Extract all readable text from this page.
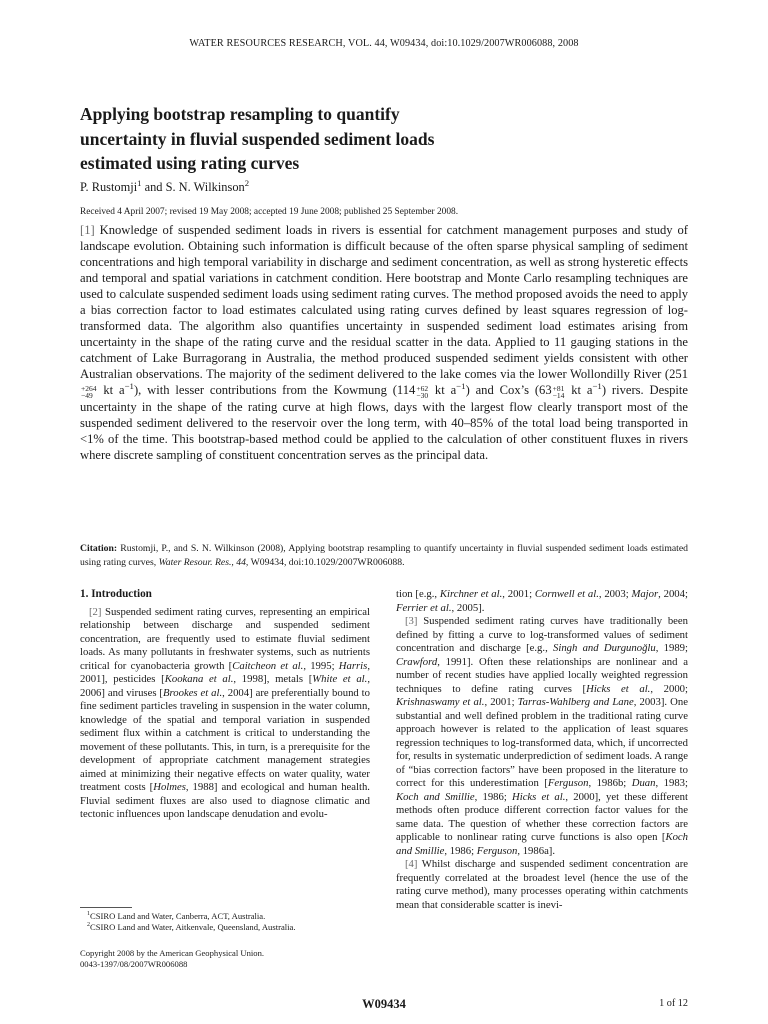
WATER RESOURCES RESEARCH, VOL. 44, W09434, doi:10.1029/2007WR006088, 2008
Applying bootstrap resampling to quantify
uncertainty in fluvial suspended sediment loads
estimated using rating curves
P. Rustomji$^1$ and S. N. Wilkinson$^2$
Received 4 April 2007; revised 19 May 2008; accepted 19 June 2008; published 25 September 2008.

[1] Knowledge of suspended sediment loads in rivers is essential for catchment management purposes and study of landscape evolution. Obtaining such information is difficult because of the often sparse physical sampling of sediment concentrations and high temporal variability in discharge and sediment concentration, as well as strong hysteretic effects and temporal and spatial variations in catchment condition. Here bootstrap and Monte Carlo resampling techniques are used to calculate suspended sediment loads using sediment rating curves. The method proposed avoids the need to apply a bias correction factor to load estimates calculated using rating curves defined by least squares regression of log-transformed data. The algorithm also quantifies uncertainty in suspended sediment load estimates arising from uncertainty in the shape of the rating curve and the residual scatter in the data. Applied to 11 gauging stations in the catchment of Lake Burragorang in Australia, the method produced suspended sediment yields consistent with other Australian observations. The majority of the sediment delivered to the lake comes via the lower Wollondilly River (251
+264
−49 kt $a^{-1}$), with lesser contributions from the Kowmung (114 +62
−30 kt $a^{-1}$) and Cox’s (63 +81
−14 kt $a^{-1}$) rivers. Despite uncertainty in the shape of the rating curve at high flows, days with the largest flow clearly transport most of the suspended sediment delivered to the reservoir over the long term, with 40–85% of the total load being transported in <1% of the time. This bootstrap-based method could be applied to the calculation of other constituent fluxes in rivers where discrete sampling of constituent concentration serves as the principal data.

Citation: Rustomji, P., and S. N. Wilkinson (2008), Applying bootstrap resampling to quantify uncertainty in fluvial suspended sediment loads estimated using rating curves, Water Resour. Res., 44, W09434, doi:10.1029/2007WR006088.

1. Introduction

[2] Suspended sediment rating curves, representing an empirical relationship between discharge and suspended sediment concentration, are frequently used to estimate fluvial sediment loads. As many pollutants in freshwater systems, such as nutrients critical for cyanobacteria growth [Caitcheon et al., 1995; Harris, 2001], pesticides [Kookana et al., 1998], metals [White et al., 2006] and viruses [Brookes et al., 2004] are preferentially bound to fine sediment particles traveling in suspension in the water column, knowledge of the spatial and temporal variation in suspended sediment flux within a catchment is critical to understanding the movement of these pollutants. This, in turn, is a prerequisite for the development of appropriate catchment management strategies aimed at minimizing their negative effects on water quality, water treatment costs [Holmes, 1988] and ecological and human health. Fluvial sediment fluxes are also used to diagnose climatic and tectonic influences upon landscape denudation and evolu-

$^1$CSIRO Land and Water, Canberra, ACT, Australia.
$^2$CSIRO Land and Water, Aitkenvale, Queensland, Australia.
Copyright 2008 by the American Geophysical Union.
0043-1397/08/2007WR006088

tion [e.g., Kirchner et al., 2001; Cornwell et al., 2003; Major, 2004; Ferrier et al., 2005].

[3] Suspended sediment rating curves have traditionally been defined by fitting a curve to log-transformed values of sediment concentration and discharge [e.g., Singh and Durgunoğlu, 1989; Crawford, 1991]. Often these relationships are nonlinear and a number of recent studies have applied locally weighted regression techniques to define rating curves [Hicks et al., 2000; Krishnaswamy et al., 2001; Tarras-Wahlberg and Lane, 2003]. One substantial and well defined problem in the traditional rating curve approach however is related to the application of least squares regression techniques to log-transformed data, which, if uncorrected for, results in systematic underprediction of sediment loads. A range of “bias correction factors” have been proposed in the literature to correct for this underestimation [Ferguson, 1986b; Duan, 1983; Koch and Smillie, 1986; Hicks et al., 2000], yet these different methods often produce different correction factor values for the same data. The question of whether these correction factors are applicable to nonlinear rating curve functions is also open [Koch and Smillie, 1986; Ferguson, 1986a].

[4] Whilst discharge and suspended sediment concentration are frequently correlated at the broadest level (hence the use of the rating curve method), many processes operating within catchments mean that considerable scatter is inevi-

W09434	1 of 12
